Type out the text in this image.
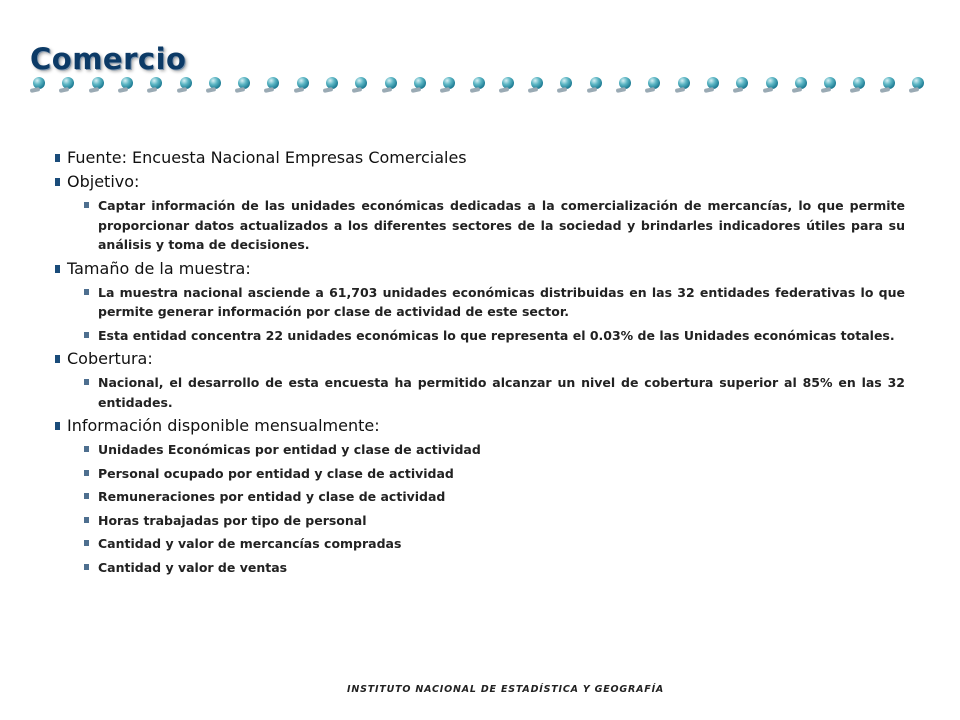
Comercio
Fuente: Encuesta Nacional Empresas Comerciales
Objetivo:
Captar información de las unidades económicas dedicadas a la comercialización de mercancías, lo que permite proporcionar datos actualizados a los diferentes sectores de la sociedad y brindarles indicadores útiles para su análisis y toma de decisiones.
Tamaño de la muestra:
La muestra nacional asciende a 61,703 unidades económicas distribuidas en las 32 entidades federativas lo que permite generar información por clase de actividad de este sector.
Esta entidad concentra 22 unidades económicas lo que representa el 0.03% de las Unidades económicas totales.
Cobertura:
Nacional, el desarrollo de esta encuesta ha permitido alcanzar un nivel de cobertura superior al 85% en las 32 entidades.
Información disponible mensualmente:
Unidades Económicas por entidad y clase de actividad
Personal ocupado por entidad y clase de actividad
Remuneraciones por entidad y clase de actividad
Horas trabajadas por tipo de personal
Cantidad y valor de mercancías compradas
Cantidad y valor de ventas
INSTITUTO NACIONAL DE ESTADÍSTICA Y GEOGRAFÍA
